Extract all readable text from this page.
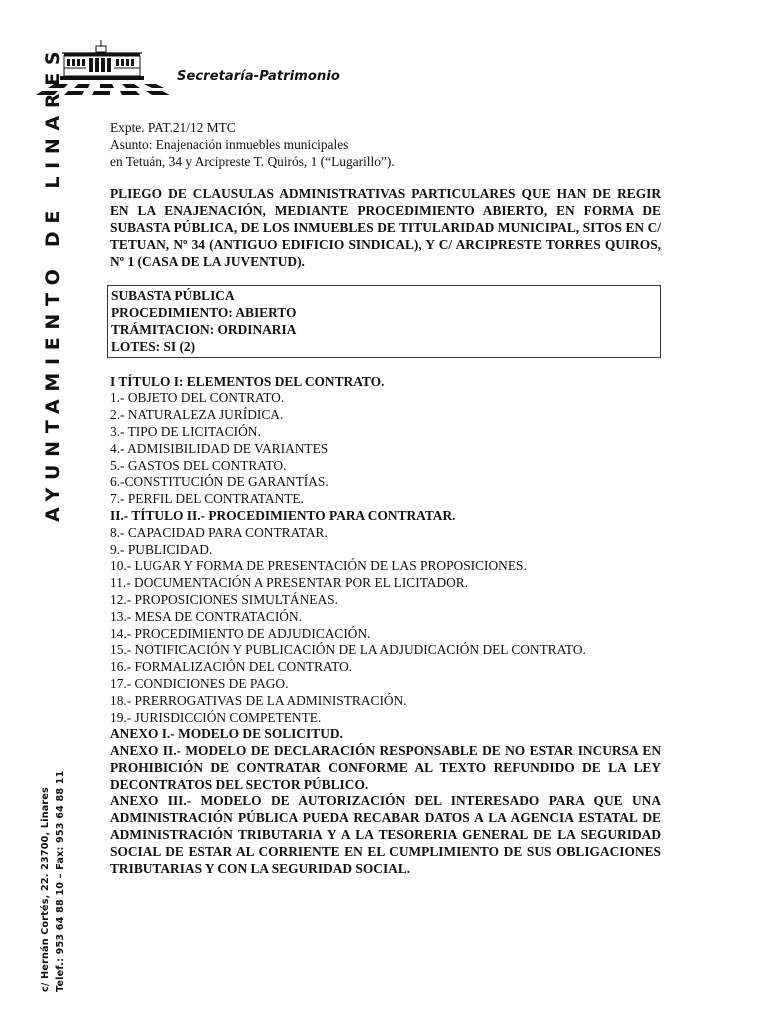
Secretaría-Patrimonio
AYUNTAMIENTO DE LINARES
c/ Hernán Cortés, 22. 23700, Linares Telef.: 953 64 88 10 – Fax: 953 64 88 11
Expte. PAT.21/12 MTC
Asunto: Enajenación inmuebles municipales
en Tetuán, 34 y Arcipreste T. Quirós, 1 (“Lugarillo”).
PLIEGO DE CLAUSULAS ADMINISTRATIVAS PARTICULARES QUE HAN DE REGIR EN LA ENAJENACIÓN, MEDIANTE PROCEDIMIENTO ABIERTO, EN FORMA DE SUBASTA PÚBLICA, DE LOS INMUEBLES DE TITULARIDAD MUNICIPAL, SITOS EN C/ TETUAN, Nº 34 (ANTIGUO EDIFICIO SINDICAL), Y C/ ARCIPRESTE TORRES QUIROS, Nº 1 (CASA DE LA JUVENTUD).
SUBASTA PÚBLICA
PROCEDIMIENTO: ABIERTO
TRÁMITACION: ORDINARIA
LOTES: SI (2)
I TÍTULO I: ELEMENTOS DEL CONTRATO.
1.- OBJETO DEL CONTRATO.
2.- NATURALEZA JURÍDICA.
3.- TIPO DE LICITACIÓN.
4.- ADMISIBILIDAD DE VARIANTES
5.- GASTOS DEL CONTRATO.
6.-CONSTITUCIÓN DE GARANTÍAS.
7.- PERFIL DEL CONTRATANTE.
II.- TÍTULO II.- PROCEDIMIENTO PARA CONTRATAR.
8.- CAPACIDAD PARA CONTRATAR.
9.- PUBLICIDAD.
10.- LUGAR Y FORMA DE PRESENTACIÓN DE LAS PROPOSICIONES.
11.- DOCUMENTACIÓN A PRESENTAR POR EL LICITADOR.
12.- PROPOSICIONES SIMULTÁNEAS.
13.- MESA DE CONTRATACIÓN.
14.- PROCEDIMIENTO DE ADJUDICACIÓN.
15.- NOTIFICACIÓN Y PUBLICACIÓN DE LA ADJUDICACIÓN DEL CONTRATO.
16.- FORMALIZACIÓN DEL CONTRATO.
17.- CONDICIONES DE PAGO.
18.- PRERROGATIVAS DE LA ADMINISTRACIÓN.
19.- JURISDICCIÓN COMPETENTE.
ANEXO I.- MODELO DE SOLICITUD.
ANEXO II.- MODELO DE DECLARACIÓN RESPONSABLE DE NO ESTAR INCURSA EN PROHIBICIÓN DE CONTRATAR CONFORME AL TEXTO REFUNDIDO DE LA LEY DECONTRATOS DEL SECTOR PÚBLICO.
ANEXO III.- MODELO DE AUTORIZACIÓN DEL INTERESADO PARA QUE UNA ADMINISTRACIÓN PÚBLICA PUEDA RECABAR DATOS A LA AGENCIA ESTATAL DE ADMINISTRACIÓN TRIBUTARIA Y A LA TESORERIA GENERAL DE LA SEGURIDAD SOCIAL DE ESTAR AL CORRIENTE EN EL CUMPLIMIENTO DE SUS OBLIGACIONES TRIBUTARIAS Y CON LA SEGURIDAD SOCIAL.
